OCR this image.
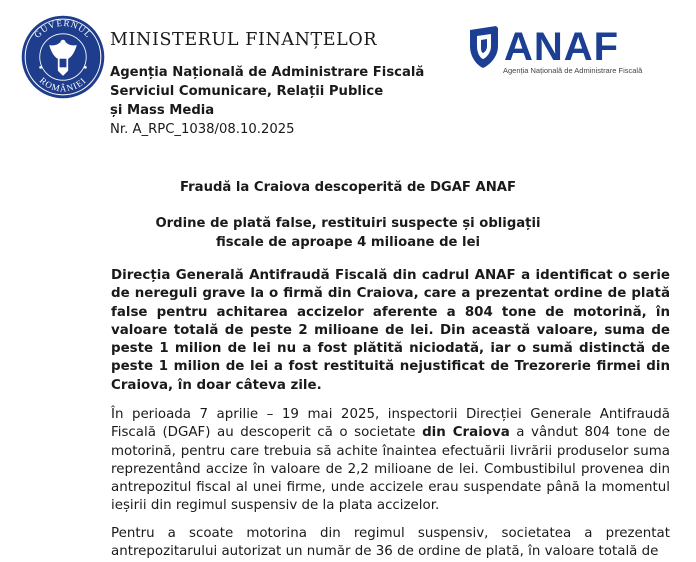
GUVERNUL
ROMÂNIEI
MINISTERUL FINANȚELOR
Agenția Națională de Administrare Fiscală
Serviciul Comunicare, Relații Publice
și Mass Media
Nr. A_RPC_1038/08.10.2025
ANAF
Agenția Națională de Administrare Fiscală
Fraudă la Craiova descoperită de DGAF ANAF
Ordine de plată false, restituiri suspecte și obligații fiscale de aproape 4 milioane de lei
Direcția Generală Antifraudă Fiscală din cadrul ANAF a identificat o serie de nereguli grave la o firmă din Craiova, care a prezentat ordine de plată false pentru achitarea accizelor aferente a 804 tone de motorină, în valoare totală de peste 2 milioane de lei. Din această valoare, suma de peste 1 milion de lei nu a fost plătită niciodată, iar o sumă distinctă de peste 1 milion de lei a fost restituită nejustificat de Trezorerie firmei din Craiova, în doar câteva zile.
În perioada 7 aprilie – 19 mai 2025, inspectorii Direcției Generale Antifraudă Fiscală (DGAF) au descoperit că o societate din Craiova a vândut 804 tone de motorină, pentru care trebuia să achite înaintea efectuării livrării produselor suma reprezentând accize în valoare de 2,2 milioane de lei. Combustibilul provenea din antrepozitul fiscal al unei firme, unde accizele erau suspendate până la momentul ieșirii din regimul suspensiv de la plata accizelor.
Pentru a scoate motorina din regimul suspensiv, societatea a prezentat antrepozitarului autorizat un număr de 36 de ordine de plată, în valoare totală de
